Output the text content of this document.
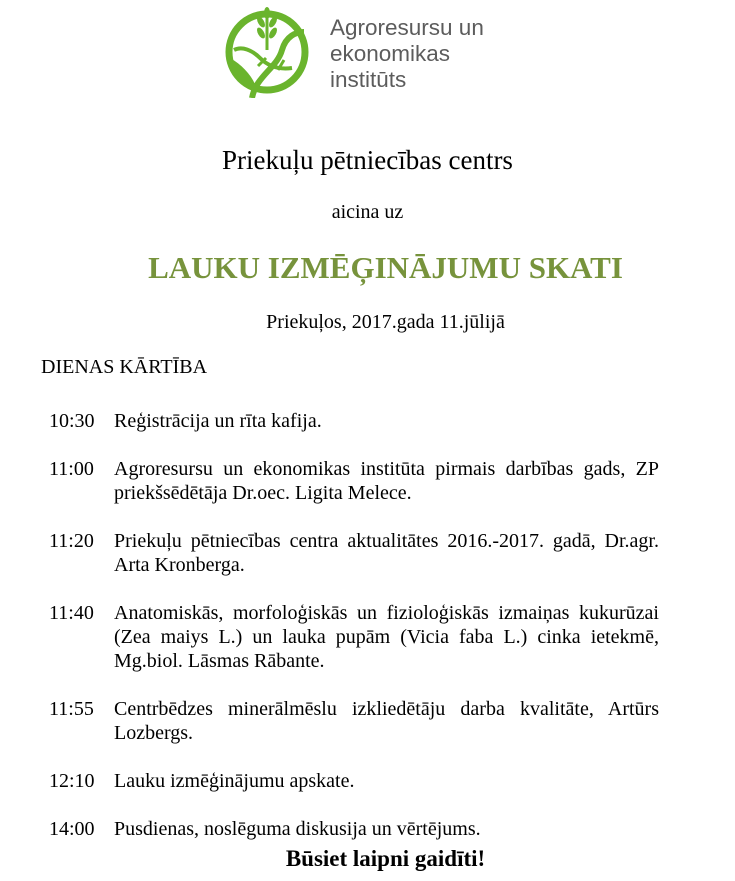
Agroresursu un
ekonomikas
institūts
Priekuļu pētniecības centrs
aicina uz
LAUKU IZMĒĢINĀJUMU SKATI
Priekuļos, 2017.gada 11.jūlijā
DIENAS KĀRTĪBA
10:30 Reģistrācija un rīta kafija.
11:00 Agroresursu un ekonomikas institūta pirmais darbības gads, ZP priekšsēdētāja Dr.oec. Ligita Melece.
11:20 Priekuļu pētniecības centra aktualitātes 2016.-2017. gadā, Dr.agr. Arta Kronberga.
11:40 Anatomiskās, morfoloģiskās un fizioloģiskās izmaiņas kukurūzai (Zea maiys L.) un lauka pupām (Vicia faba L.) cinka ietekmē, Mg.biol. Lāsmas Rābante.
11:55 Centrbēdzes minerālmēslu izkliedētāju darba kvalitāte, Artūrs Lozbergs.
12:10 Lauku izmēģinājumu apskate.
14:00 Pusdienas, noslēguma diskusija un vērtējums.
Būsiet laipni gaidīti!
